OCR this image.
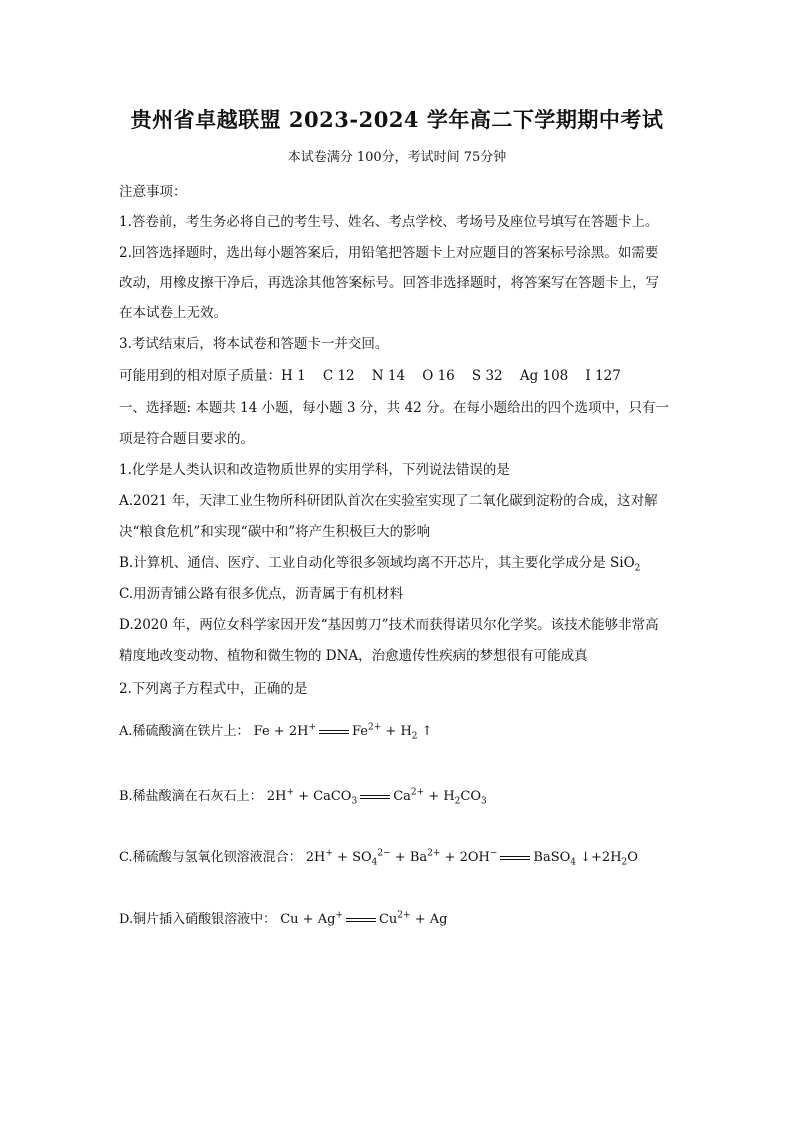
贵州省卓越联盟 2023-2024 学年高二下学期期中考试
本试卷满分 100分，考试时间 75分钟
注意事项：
1.答卷前，考生务必将自己的考生号、姓名、考点学校、考场号及座位号填写在答题卡上。
2.回答选择题时，选出每小题答案后，用铅笔把答题卡上对应题目的答案标号涂黑。如需要
改动，用橡皮擦干净后，再选涂其他答案标号。回答非选择题时，将答案写在答题卡上，写
在本试卷上无效。
3.考试结束后，将本试卷和答题卡一并交回。
可能用到的相对原子质量：H 1    C 12    N 14    O 16    S 32    Ag 108    I 127
一、选择题: 本题共 14 小题，每小题 3 分，共 42 分。在每小题给出的四个选项中，只有一
项是符合题目要求的。
1.化学是人类认识和改造物质世界的实用学科，下列说法错误的是
A.2021 年，天津工业生物所科研团队首次在实验室实现了二氧化碳到淀粉的合成，这对解
决“粮食危机”和实现“碳中和”将产生积极巨大的影响
B.计算机、通信、医疗、工业自动化等很多领域均离不开芯片，其主要化学成分是 SiO$_2$
C.用沥青铺公路有很多优点，沥青属于有机材料
D.2020 年，两位女科学家因开发“基因剪刀”技术而获得诺贝尔化学奖。该技术能够非常高
精度地改变动物、植物和微生物的 DNA，治愈遗传性疾病的梦想很有可能成真
2.下列离子方程式中，正确的是
A.稀硫酸滴在铁片上： Fe + 2H+	$Fe^{2+} + H_2$ ↑
B.稀盐酸滴在石灰石上： 2H+ + CaCO$_3$	$Ca^{2+} + H_2CO_3$
C.稀硫酸与氢氧化钡溶液混合： $2H^+ + SO_4^{2-} + Ba^{2+} + 2OH^-$	BaSO$_4$ $↓+2H_2O$
D.铜片插入硝酸银溶液中： Cu + Ag+	$Cu^{2+} + Ag$
